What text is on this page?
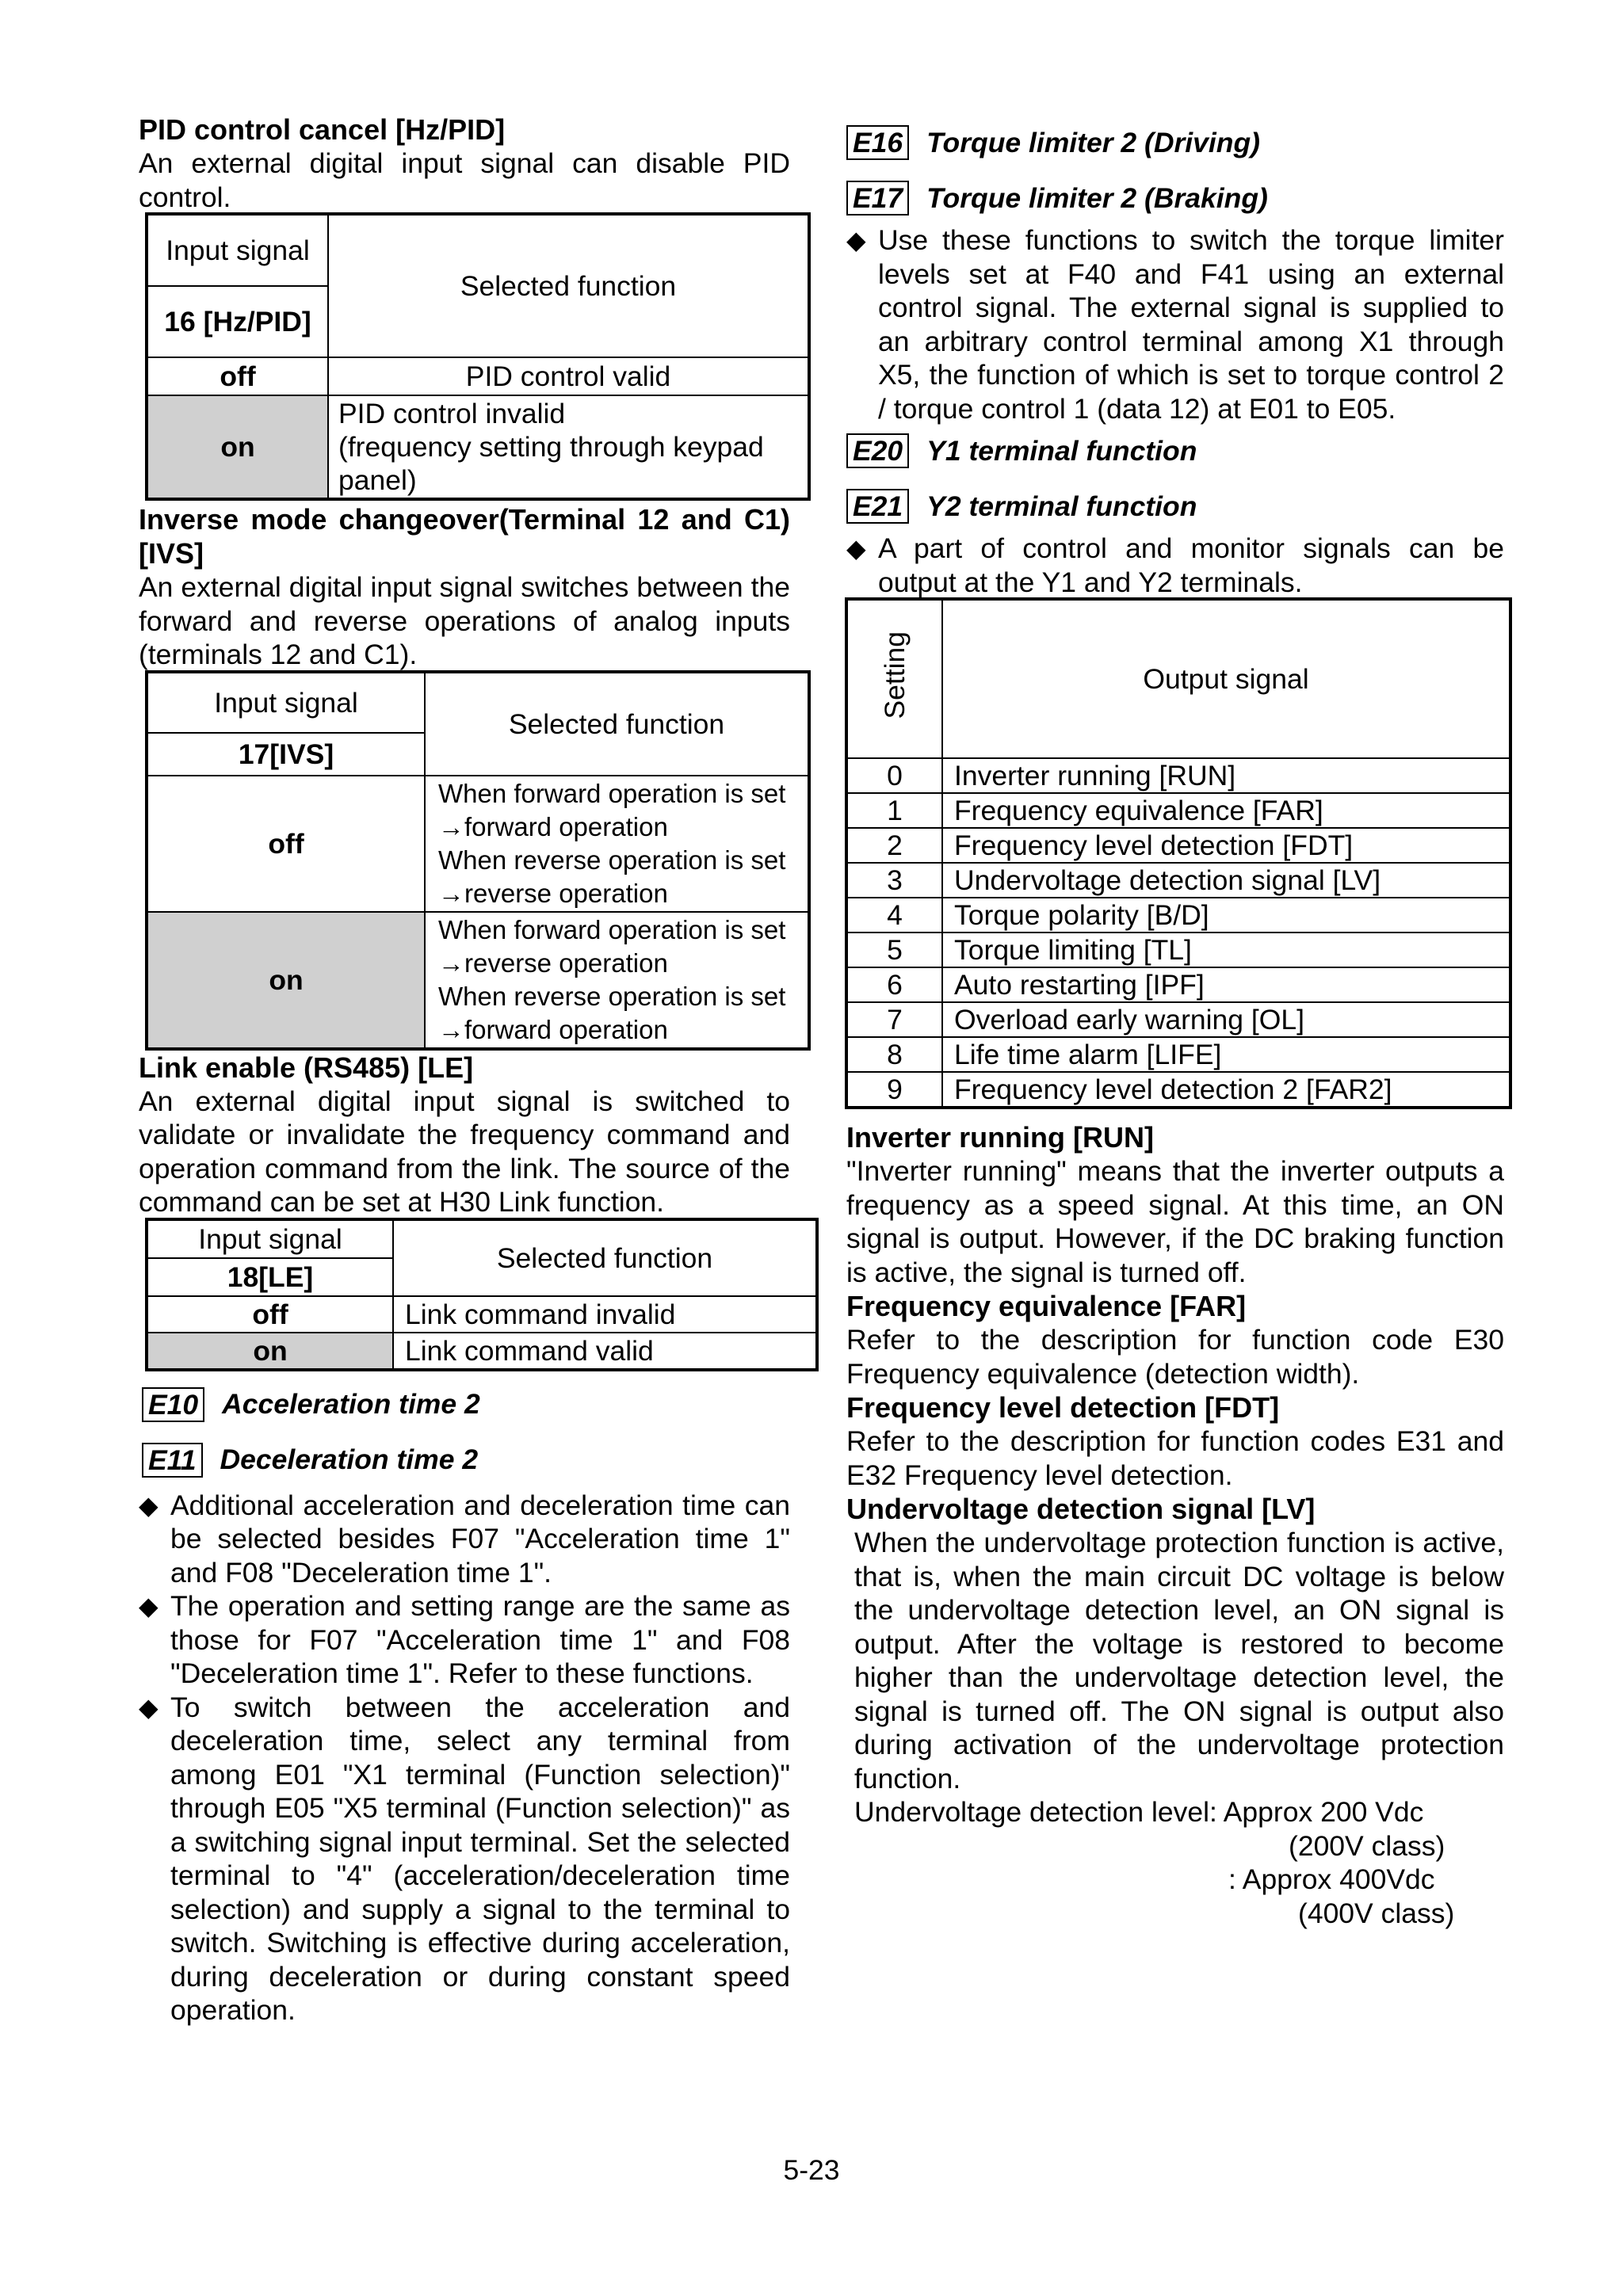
PID control cancel [Hz/PID]

An external digital input signal can disable PID control.

Input signal	Selected function
16 [Hz/PID]	
off	PID control valid
on	PID control invalid
(frequency setting through keypad panel)
Inverse mode changeover(Terminal 12 and C1) [IVS]

An external digital input signal switches between the forward and reverse operations of analog inputs (terminals 12 and C1).

Input signal	Selected function
17[IVS]	
off	When forward operation is set
→forward operation
When reverse operation is set
→reverse operation

on	When forward operation is set
→reverse operation
When reverse operation is set
→forward operation
Link enable (RS485) [LE]

An external digital input signal is switched to validate or invalidate the frequency command and operation command from the link. The source of the command can be set at H30 Link function.

Input signal	Selected function
18[LE]	
off	Link command invalid
on	Link command valid
E10 Acceleration time 2
E11 Deceleration time 2
◆ Additional acceleration and deceleration time can be selected besides F07 "Acceleration time 1" and F08 "Deceleration time 1".
◆ The operation and setting range are the same as those for F07 "Acceleration time 1" and F08 "Deceleration time 1". Refer to these functions.
◆ To switch between the acceleration and deceleration time, select any terminal from among E01 "X1 terminal (Function selection)" through E05 "X5 terminal (Function selection)" as a switching signal input terminal. Set the selected terminal to "4" (acceleration/deceleration time selection) and supply a signal to the terminal to switch. Switching is effective during acceleration, during deceleration or during constant speed operation.
E16 Torque limiter 2 (Driving)
E17 Torque limiter 2 (Braking)
◆ Use these functions to switch the torque limiter levels set at F40 and F41 using an external control signal. The external signal is supplied to an arbitrary control terminal among X1 through X5, the function of which is set to torque control 2 / torque control 1 (data 12) at E01 to E05.
E20 Y1 terminal function
E21 Y2 terminal function
◆ A part of control and monitor signals can be output at the Y1 and Y2 terminals.
Setting	Output signal
0	Inverter running [RUN]
1	Frequency equivalence [FAR]
2	Frequency level detection [FDT]
3	Undervoltage detection signal [LV]
4	Torque polarity [B/D]
5	Torque limiting [TL]
6	Auto restarting [IPF]
7	Overload early warning [OL]
8	Life time alarm [LIFE]
9	Frequency level detection 2 [FAR2]
Inverter running [RUN]

"Inverter running" means that the inverter outputs a frequency as a speed signal. At this time, an ON signal is output. However, if the DC braking function is active, the signal is turned off.

Frequency equivalence [FAR]

Refer to the description for function code E30 Frequency equivalence (detection width).

Frequency level detection [FDT]

Refer to the description for function codes E31 and E32 Frequency level detection.

Undervoltage detection signal [LV]

When the undervoltage protection function is active, that is, when the main circuit DC voltage is below the undervoltage detection level, an ON signal is output. After the voltage is restored to become higher than the undervoltage detection level, the signal is turned off. The ON signal is output also during activation of the undervoltage protection function.

Undervoltage detection level: Approx 200 Vdc
(200V class)
: Approx 400Vdc
(400V class)
5-23
